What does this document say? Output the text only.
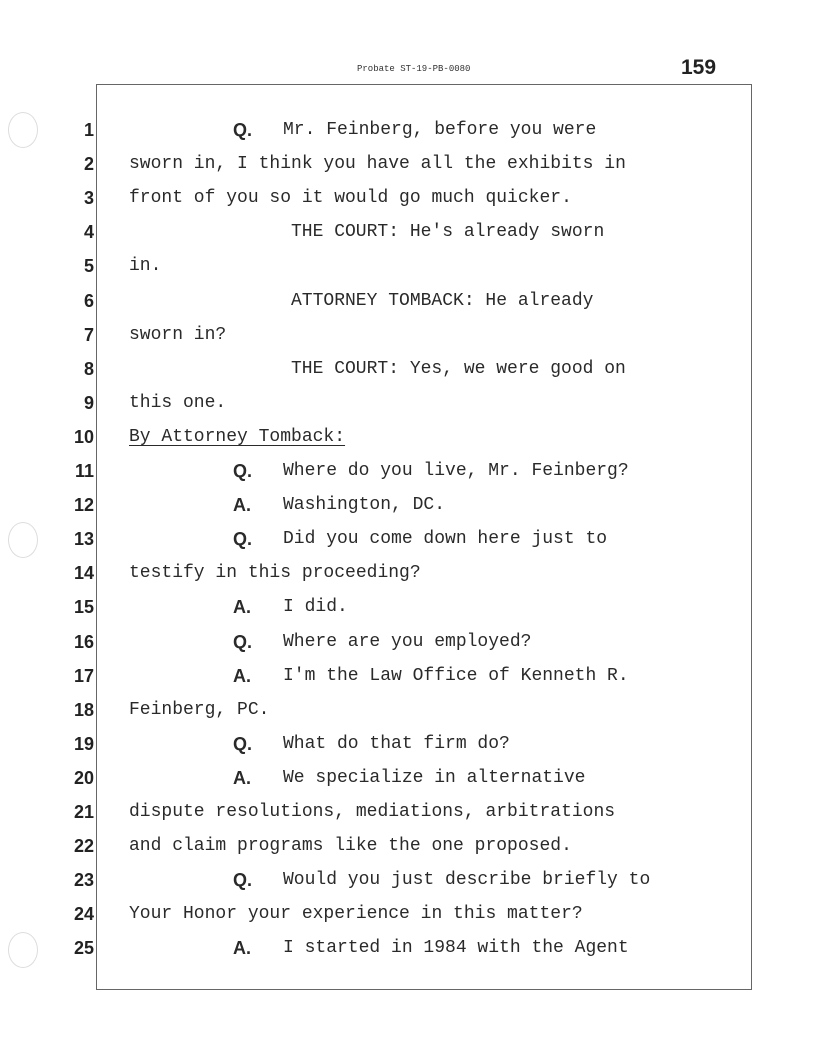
Probate ST-19-PB-0080	159
1	Q. Mr. Feinberg, before you were
2 sworn in, I think you have all the exhibits in
3 front of you so it would go much quicker.
4	THE COURT: He's already sworn
5 in.
6	ATTORNEY TOMBACK: He already
7 sworn in?
8	THE COURT: Yes, we were good on
9 this one.
10 By Attorney Tomback:
11	Q. Where do you live, Mr. Feinberg?
12	A. Washington, DC.
13	Q. Did you come down here just to
14 testify in this proceeding?
15	A. I did.
16	Q. Where are you employed?
17	A. I'm the Law Office of Kenneth R.
18 Feinberg, PC.
19	Q. What do that firm do?
20	A. We specialize in alternative
21 dispute resolutions, mediations, arbitrations
22 and claim programs like the one proposed.
23	Q. Would you just describe briefly to
24 Your Honor your experience in this matter?
25	A. I started in 1984 with the Agent
